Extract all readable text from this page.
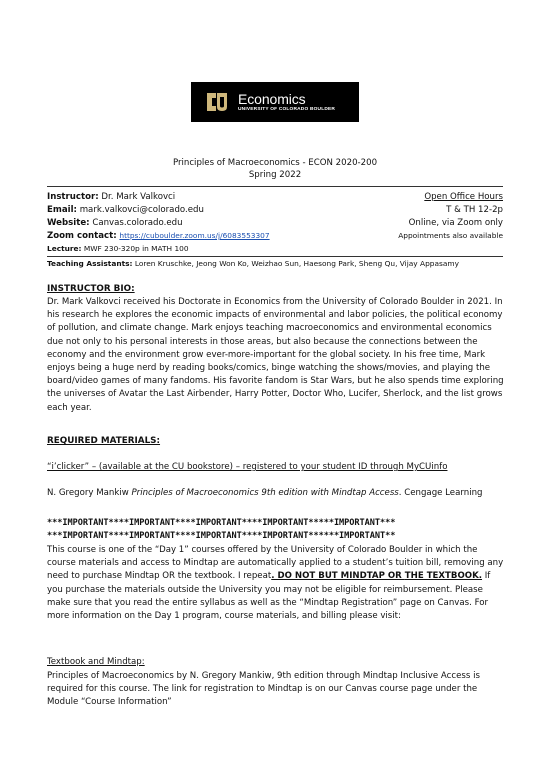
Economics
UNIVERSITY OF COLORADO BOULDER
Principles of Macroeconomics - ECON 2020-200
Spring 2022
Instructor: Dr. Mark Valkovci	Open Office Hours
Email: mark.valkovci@colorado.edu	T & TH 12-2p
Website: Canvas.colorado.edu	Online, via Zoom only
Zoom contact: https://cuboulder.zoom.us/j/6083553307	Appointments also available
Lecture: MWF 230-320p in MATH 100
Teaching Assistants: Loren Kruschke, Jeong Won Ko, Weizhao Sun, Haesong Park, Sheng Qu, Vijay Appasamy
INSTRUCTOR BIO:
Dr. Mark Valkovci received his Doctorate in Economics from the University of Colorado Boulder in 2021. In his research he explores the economic impacts of environmental and labor policies, the political economy of pollution, and climate change. Mark enjoys teaching macroeconomics and environmental economics due not only to his personal interests in those areas, but also because the connections between the economy and the environment grow ever-more-important for the global society. In his free time, Mark enjoys being a huge nerd by reading books/comics, binge watching the shows/movies, and playing the board/video games of many fandoms. His favorite fandom is Star Wars, but he also spends time exploring the universes of Avatar the Last Airbender, Harry Potter, Doctor Who, Lucifer, Sherlock, and the list grows each year.
REQUIRED MATERIALS:
“i’clicker” – (available at the CU bookstore) – registered to your student ID through MyCUinfo
N. Gregory Mankiw Principles of Macroeconomics 9th edition with Mindtap Access. Cengage Learning
***IMPORTANT****IMPORTANT****IMPORTANT****IMPORTANT*****IMPORTANT***
***IMPORTANT****IMPORTANT****IMPORTANT****IMPORTANT******IMPORTANT**
This course is one of the “Day 1” courses offered by the University of Colorado Boulder in which the course materials and access to Mindtap are automatically applied to a student’s tuition bill, removing any need to purchase Mindtap OR the textbook. I repeat. DO NOT BUT MINDTAP OR THE TEXTBOOK. If you purchase the materials outside the University you may not be eligible for reimbursement. Please make sure that you read the entire syllabus as well as the “Mindtap Registration” page on Canvas. For more information on the Day 1 program, course materials, and billing please visit:
Textbook and Mindtap:
Principles of Macroeconomics by N. Gregory Mankiw, 9th edition through Mindtap Inclusive Access is required for this course. The link for registration to Mindtap is on our Canvas course page under the Module “Course Information”
